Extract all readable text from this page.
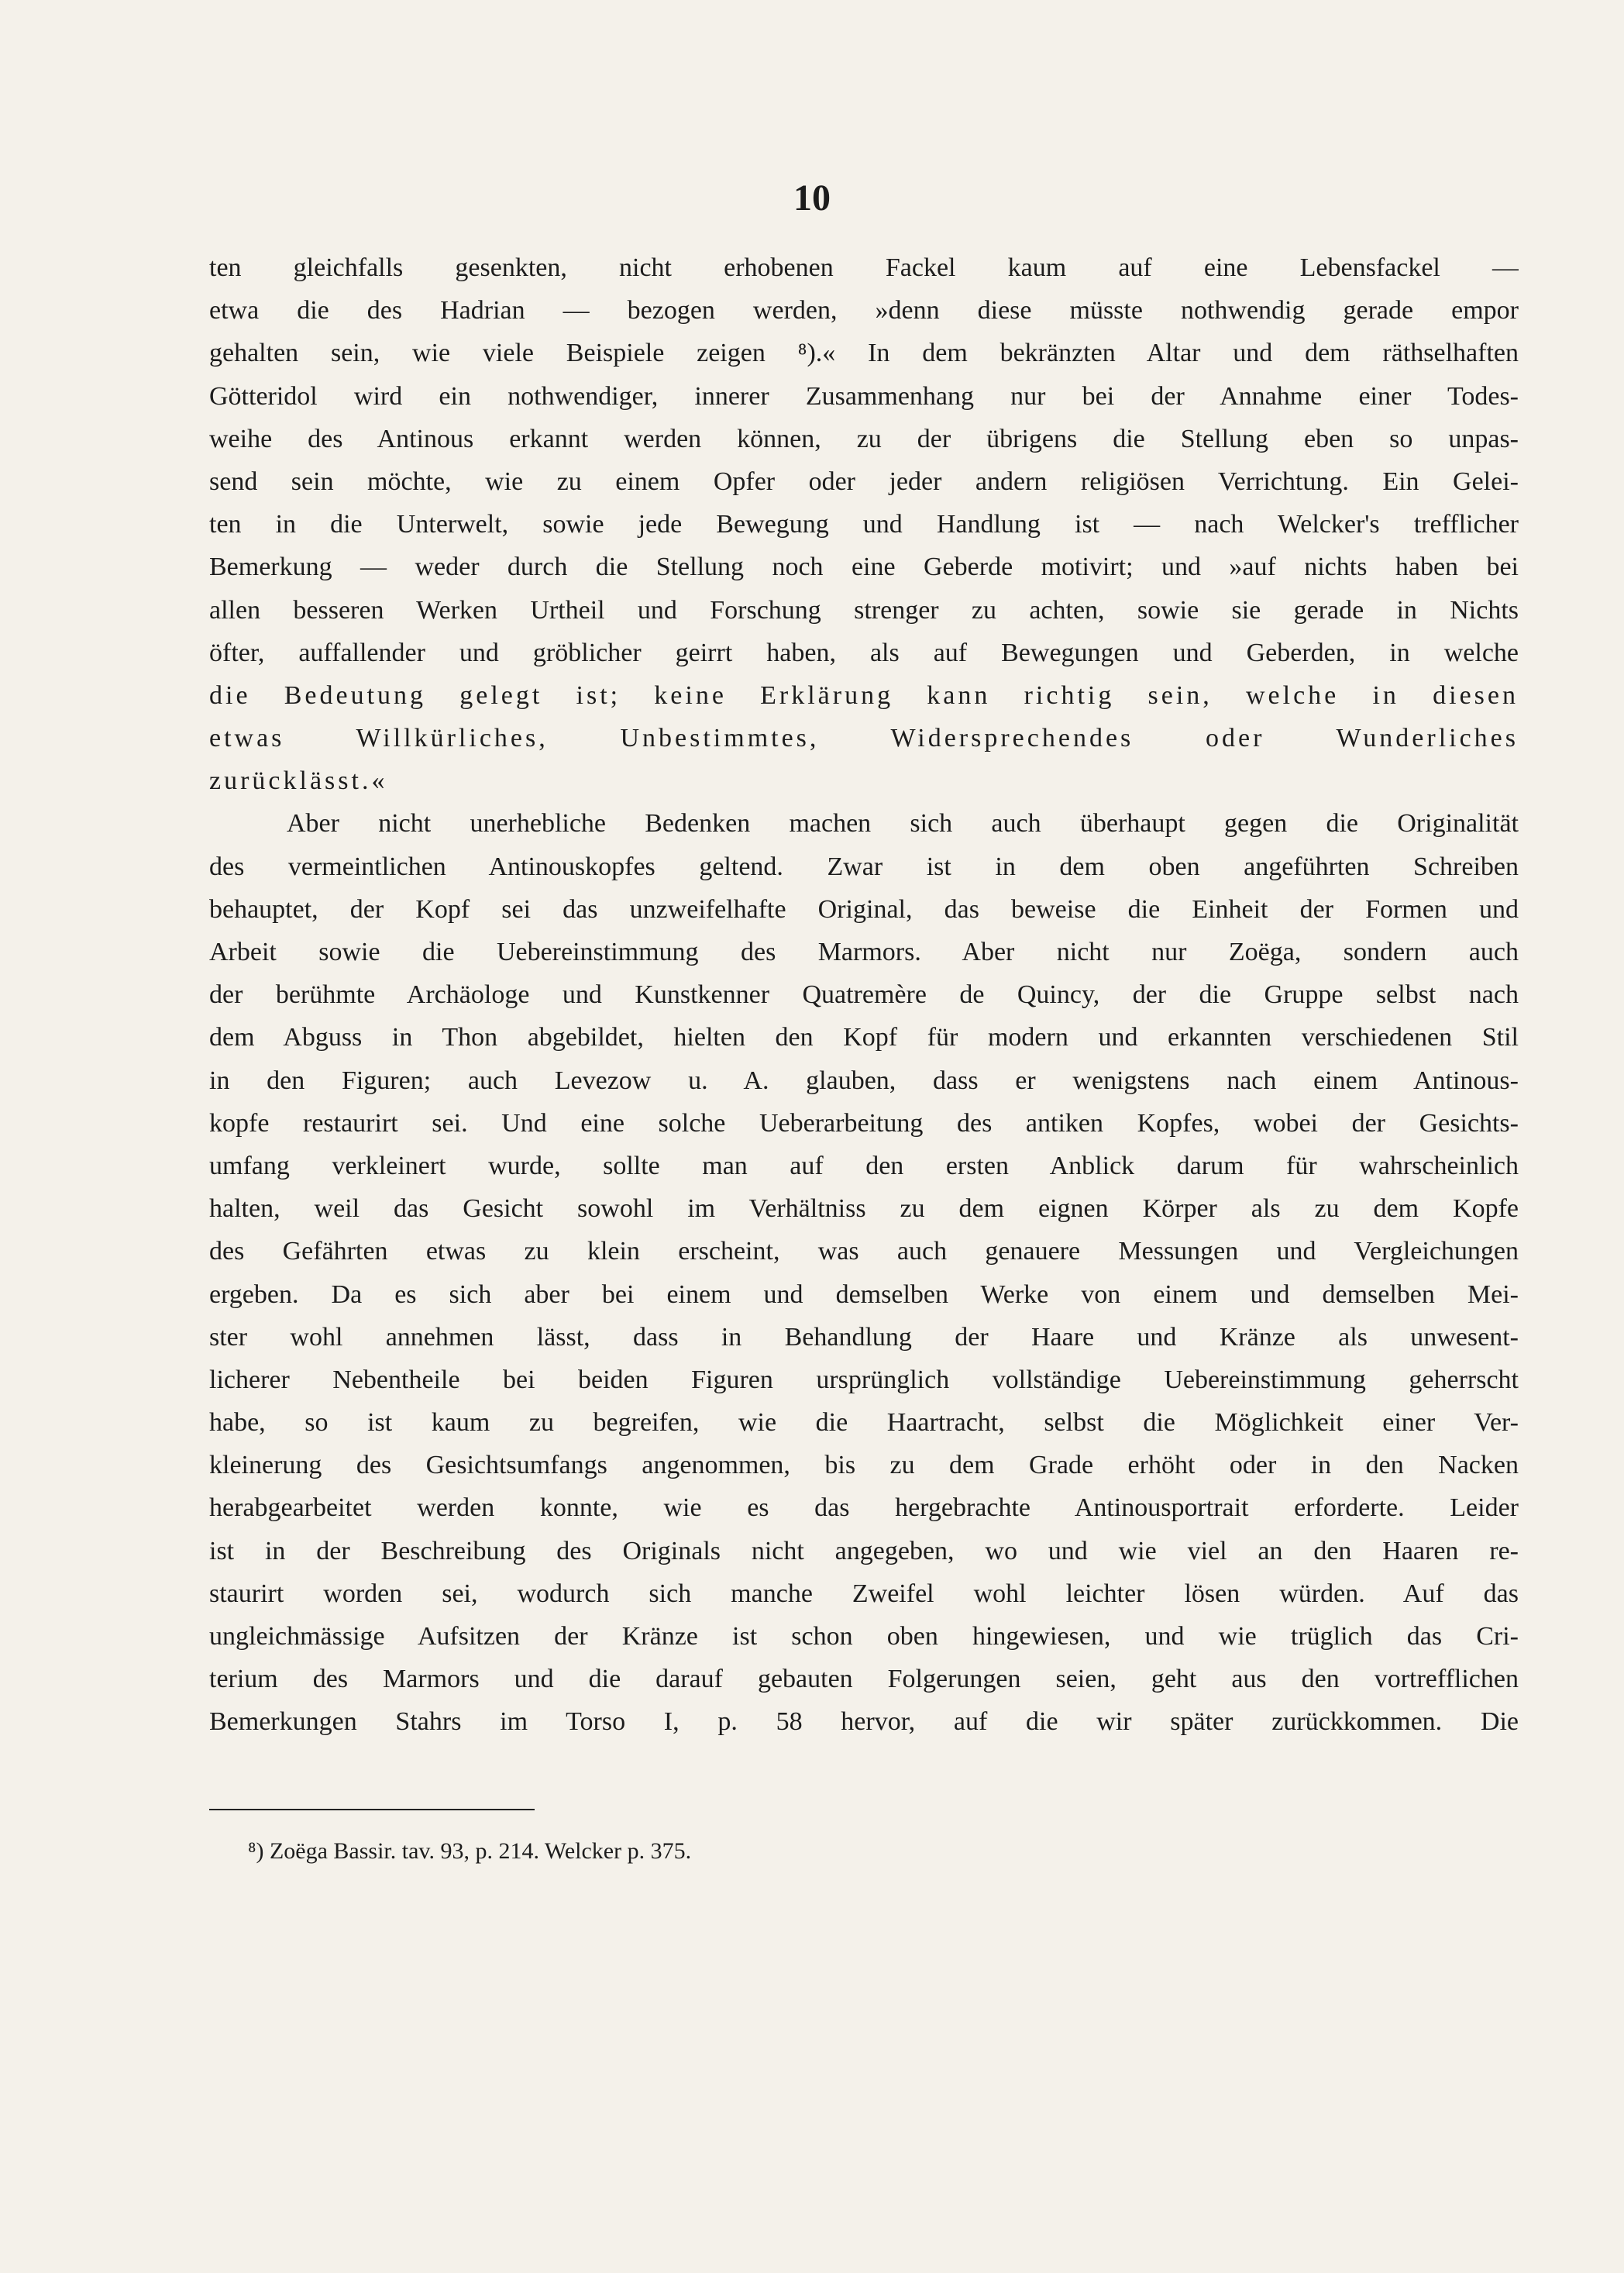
10
ten gleichfalls gesenkten, nicht erhobenen Fackel kaum auf eine Lebensfackel —
etwa die des Hadrian — bezogen werden, »denn diese müsste nothwendig gerade empor
gehalten sein, wie viele Beispiele zeigen ⁸).« In dem bekränzten Altar und dem räthselhaften
Götteridol wird ein nothwendiger, innerer Zusammenhang nur bei der Annahme einer Todes-
weihe des Antinous erkannt werden können, zu der übrigens die Stellung eben so unpas-
send sein möchte, wie zu einem Opfer oder jeder andern religiösen Verrichtung. Ein Gelei-
ten in die Unterwelt, sowie jede Bewegung und Handlung ist — nach Welcker's trefflicher
Bemerkung — weder durch die Stellung noch eine Geberde motivirt; und »auf nichts haben bei
allen besseren Werken Urtheil und Forschung strenger zu achten, sowie sie gerade in Nichts
öfter, auffallender und gröblicher geirrt haben, als auf Bewegungen und Geberden, in welche
die Bedeutung gelegt ist; keine Erklärung kann richtig sein, welche in diesen
etwas Willkürliches, Unbestimmtes, Widersprechendes oder Wunderliches
zurücklässt.«
Aber nicht unerhebliche Bedenken machen sich auch überhaupt gegen die Originalität
des vermeintlichen Antinouskopfes geltend. Zwar ist in dem oben angeführten Schreiben
behauptet, der Kopf sei das unzweifelhafte Original, das beweise die Einheit der Formen und
Arbeit sowie die Uebereinstimmung des Marmors. Aber nicht nur Zoëga, sondern auch
der berühmte Archäologe und Kunstkenner Quatremère de Quincy, der die Gruppe selbst nach
dem Abguss in Thon abgebildet, hielten den Kopf für modern und erkannten verschiedenen Stil
in den Figuren; auch Levezow u. A. glauben, dass er wenigstens nach einem Antinous-
kopfe restaurirt sei. Und eine solche Ueberarbeitung des antiken Kopfes, wobei der Gesichts-
umfang verkleinert wurde, sollte man auf den ersten Anblick darum für wahrscheinlich
halten, weil das Gesicht sowohl im Verhältniss zu dem eignen Körper als zu dem Kopfe
des Gefährten etwas zu klein erscheint, was auch genauere Messungen und Vergleichungen
ergeben. Da es sich aber bei einem und demselben Werke von einem und demselben Mei-
ster wohl annehmen lässt, dass in Behandlung der Haare und Kränze als unwesent-
licherer Nebentheile bei beiden Figuren ursprünglich vollständige Uebereinstimmung geherrscht
habe, so ist kaum zu begreifen, wie die Haartracht, selbst die Möglichkeit einer Ver-
kleinerung des Gesichtsumfangs angenommen, bis zu dem Grade erhöht oder in den Nacken
herabgearbeitet werden konnte, wie es das hergebrachte Antinousportrait erforderte. Leider
ist in der Beschreibung des Originals nicht angegeben, wo und wie viel an den Haaren re-
staurirt worden sei, wodurch sich manche Zweifel wohl leichter lösen würden. Auf das
ungleichmässige Aufsitzen der Kränze ist schon oben hingewiesen, und wie trüglich das Cri-
terium des Marmors und die darauf gebauten Folgerungen seien, geht aus den vortrefflichen
Bemerkungen Stahrs im Torso I, p. 58 hervor, auf die wir später zurückkommen. Die
⁸) Zoëga Bassir. tav. 93, p. 214. Welcker p. 375.
